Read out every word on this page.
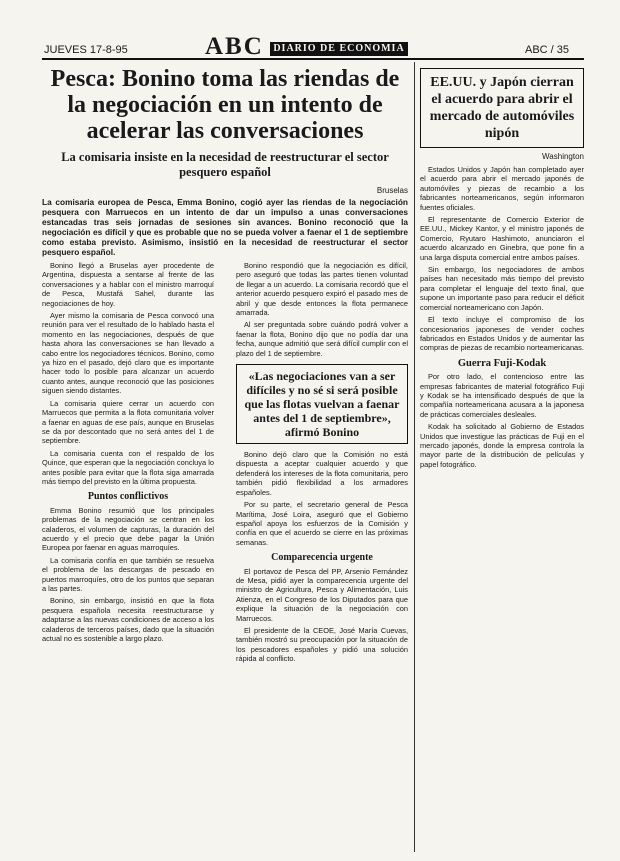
JUEVES 17-8-95	ABC DIARIO DE ECONOMIA	ABC / 35
Pesca: Bonino toma las riendas de la negociación en un intento de acelerar las conversaciones
La comisaria insiste en la necesidad de reestructurar el sector pesquero español
Bruselas

La comisaria europea de Pesca, Emma Bonino, cogió ayer las riendas de la negociación pesquera con Marruecos en un intento de dar un impulso a unas conversaciones estancadas tras seis jornadas de sesiones sin avances. Bonino reconoció que la negociación es difícil y que es probable que no se pueda volver a faenar el 1 de septiembre como estaba previsto. Asimismo, insistió en la necesidad de reestructurar el sector pesquero español.

Bonino llegó a Bruselas ayer procedente de Argentina, dispuesta a sentarse al frente de las conversaciones y a hablar con el ministro marroquí de Pesca, Mustafá Sahel, durante las negociaciones de hoy.

Ayer mismo la comisaria de Pesca convocó una reunión para ver el resultado de lo hablado hasta el momento en las negociaciones, después de que hasta ahora las conversaciones se han llevado a cabo entre los negociadores técnicos. Bonino, como ya hizo en el pasado, dejó claro que es importante hacer todo lo posible para alcanzar un acuerdo cuanto antes, aunque reconoció que las posiciones siguen siendo distantes.

La comisaria quiere cerrar un acuerdo con Marruecos que permita a la flota comunitaria volver a faenar en aguas de ese país, aunque en Bruselas se da por descontado que no será antes del 1 de septiembre.

La comisaria cuenta con el respaldo de los Quince, que esperan que la negociación concluya lo antes posible para evitar que la flota siga amarrada más tiempo del previsto en la última propuesta.

Puntos conflictivos

Emma Bonino resumió que los principales problemas de la negociación se centran en los caladeros, el volumen de capturas, la duración del acuerdo y el precio que debe pagar la Unión Europea por faenar en aguas marroquíes.

La comisaria confía en que también se resuelva el problema de las descargas de pescado en puertos marroquíes, otro de los puntos que separan a las partes.

Bonino, sin embargo, insistió en que la flota pesquera española necesita reestructurarse y adaptarse a las nuevas condiciones de acceso a los caladeros de terceros países, dado que la situación actual no es sostenible a largo plazo.

Bonino respondió que la negociación es difícil, pero aseguró que todas las partes tienen voluntad de llegar a un acuerdo. La comisaria recordó que el anterior acuerdo pesquero expiró el pasado mes de abril y que desde entonces la flota permanece amarrada.

Al ser preguntada sobre cuándo podrá volver a faenar la flota, Bonino dijo que no podía dar una fecha, aunque admitió que será difícil cumplir con el plazo del 1 de septiembre.

«Las negociaciones van a ser difíciles y no sé si será posible que las flotas vuelvan a faenar antes del 1 de septiembre», afirmó Bonino

Bonino dejó claro que la Comisión no está dispuesta a aceptar cualquier acuerdo y que defenderá los intereses de la flota comunitaria, pero también pidió flexibilidad a los armadores españoles.

Por su parte, el secretario general de Pesca Marítima, José Loira, aseguró que el Gobierno español apoya los esfuerzos de la Comisión y confía en que el acuerdo se cierre en las próximas semanas.

Comparecencia urgente

El portavoz de Pesca del PP, Arsenio Fernández de Mesa, pidió ayer la comparecencia urgente del ministro de Agricultura, Pesca y Alimentación, Luis Atienza, en el Congreso de los Diputados para que explique la situación de la negociación con Marruecos.

El presidente de la CEOE, José María Cuevas, también mostró su preocupación por la situación de los pescadores españoles y pidió una solución rápida al conflicto.

EE.UU. y Japón cierran el acuerdo para abrir el mercado de automóviles nipón
Washington

Estados Unidos y Japón han completado ayer el acuerdo para abrir el mercado japonés de automóviles y piezas de recambio a los fabricantes norteamericanos, según informaron fuentes oficiales.

El representante de Comercio Exterior de EE.UU., Mickey Kantor, y el ministro japonés de Comercio, Ryutaro Hashimoto, anunciaron el acuerdo alcanzado en Ginebra, que pone fin a una larga disputa comercial entre ambos países.

Sin embargo, los negociadores de ambos países han necesitado más tiempo del previsto para completar el lenguaje del texto final, que supone un importante paso para reducir el déficit comercial norteamericano con Japón.

El texto incluye el compromiso de los concesionarios japoneses de vender coches fabricados en Estados Unidos y de aumentar las compras de piezas de recambio norteamericanas.

Guerra Fuji-Kodak

Por otro lado, el contencioso entre las empresas fabricantes de material fotográfico Fuji y Kodak se ha intensificado después de que la compañía norteamericana acusara a la japonesa de prácticas comerciales desleales.

Kodak ha solicitado al Gobierno de Estados Unidos que investigue las prácticas de Fuji en el mercado japonés, donde la empresa controla la mayor parte de la distribución de películas y papel fotográfico.
